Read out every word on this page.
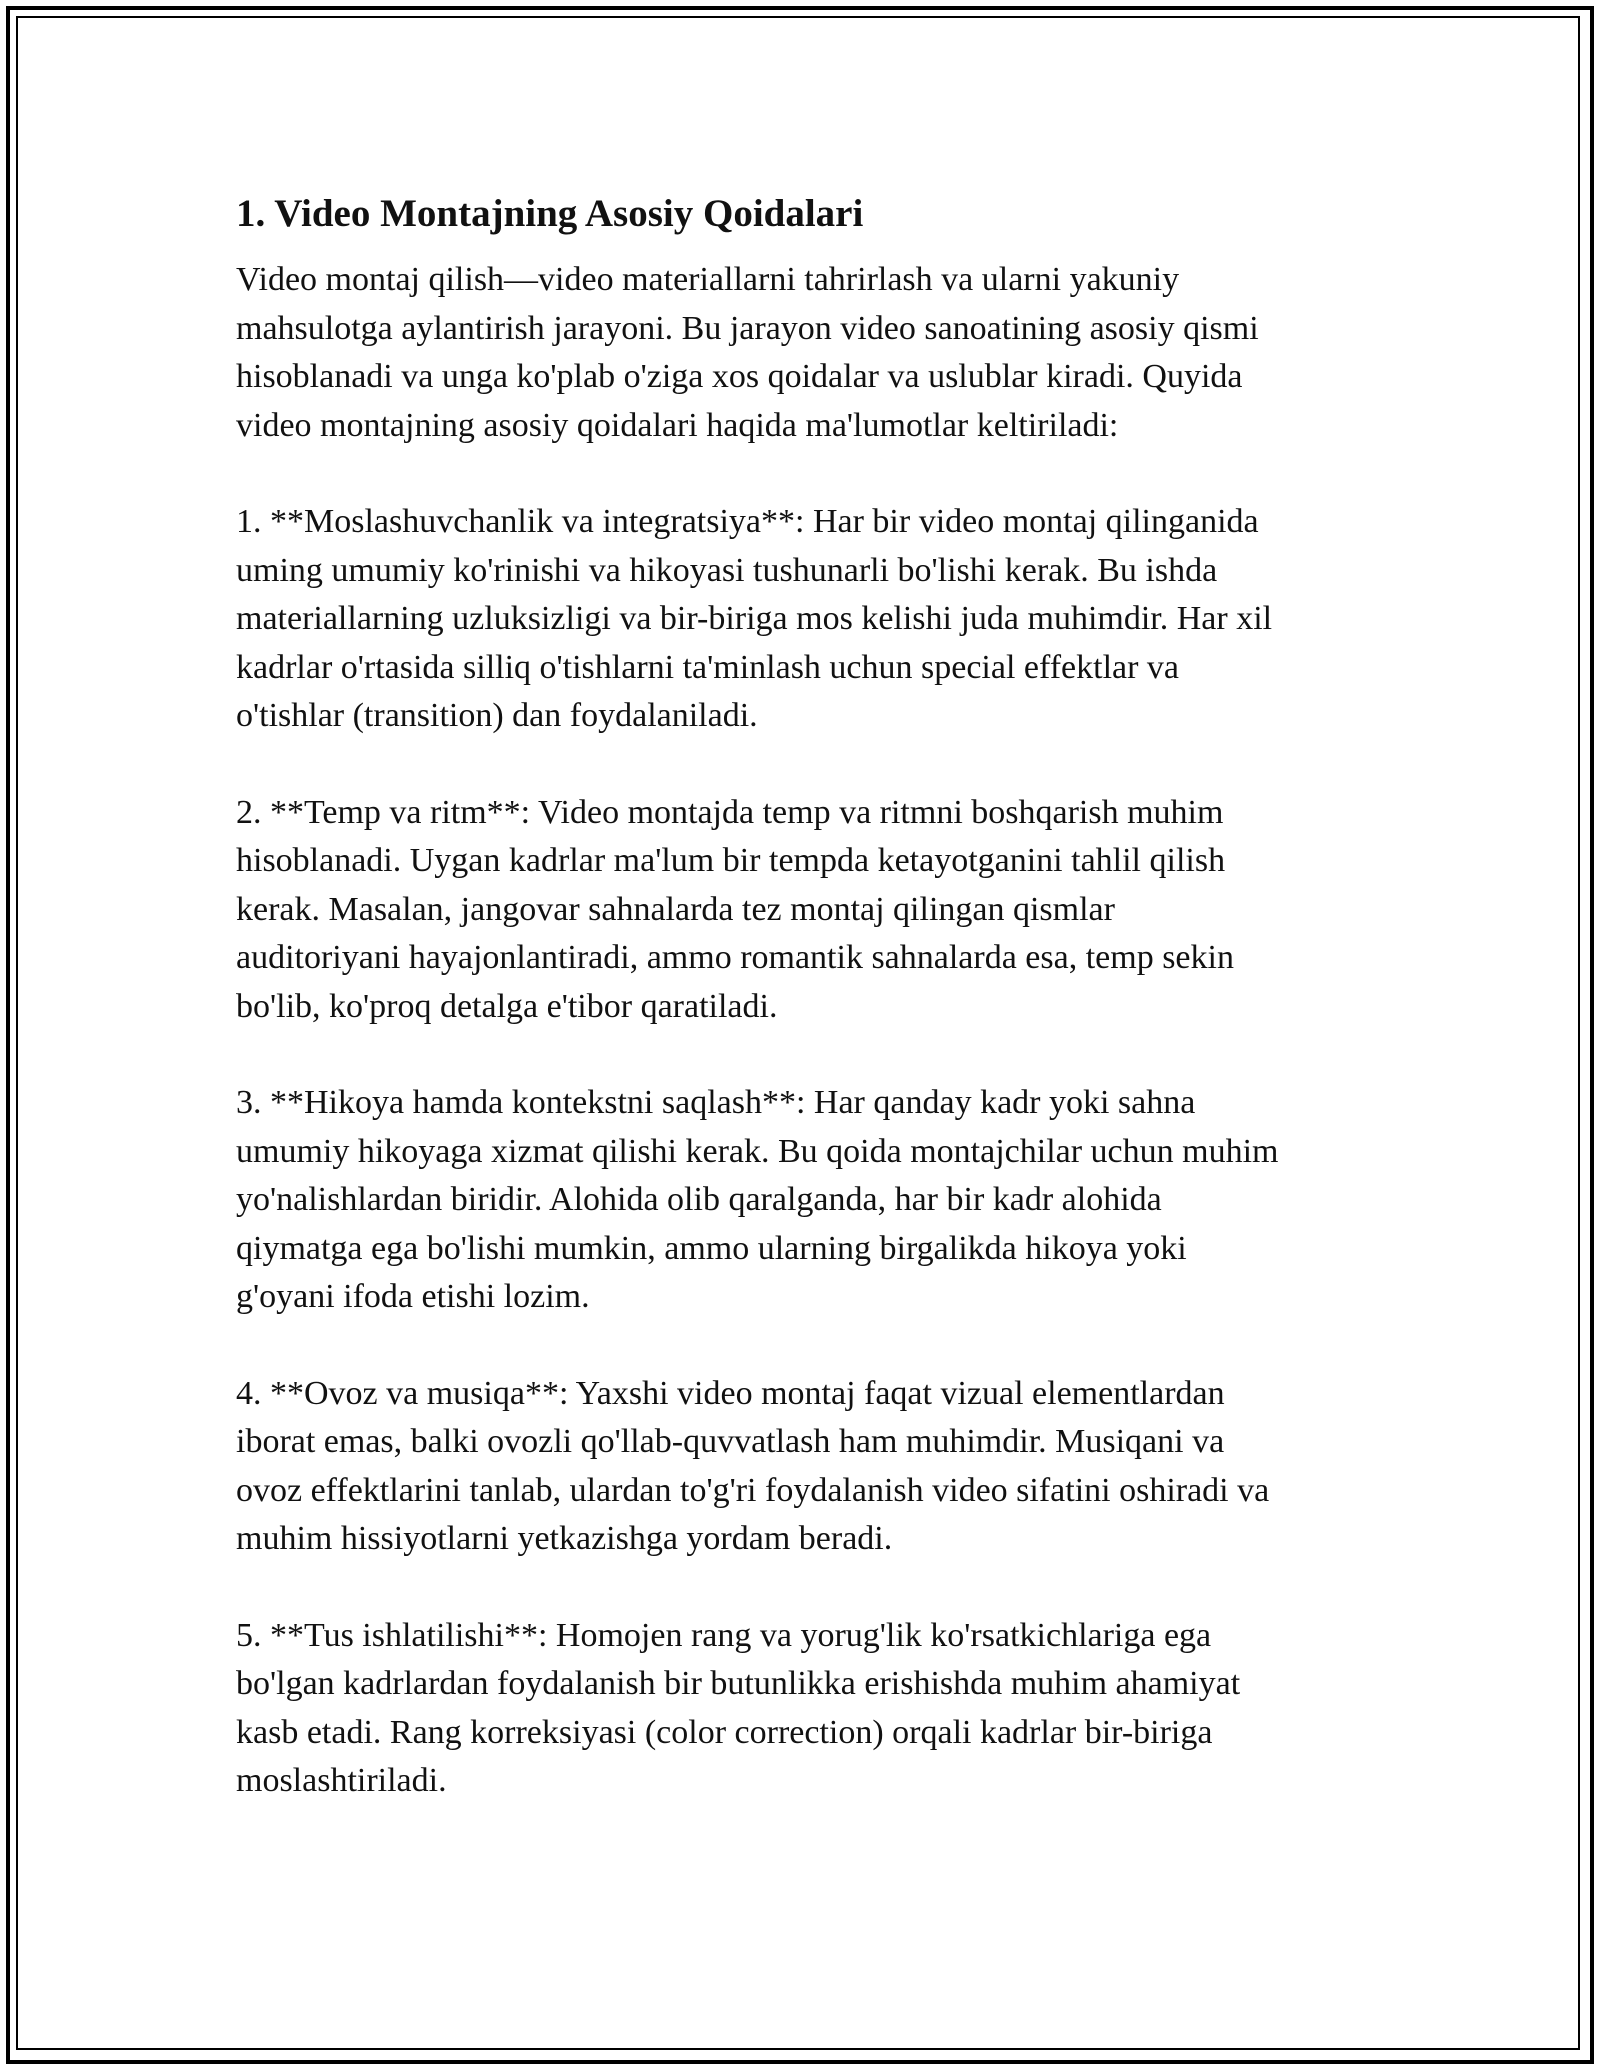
1. Video Montajning Asosiy Qoidalari

Video montaj qilish—video materiallarni tahrirlash va ularni yakuniy
mahsulotga aylantirish jarayoni. Bu jarayon video sanoatining asosiy qismi
hisoblanadi va unga ko'plab o'ziga xos qoidalar va uslublar kiradi. Quyida
video montajning asosiy qoidalari haqida ma'lumotlar keltiriladi:

1. **Moslashuvchanlik va integratsiya**: Har bir video montaj qilinganida
uming umumiy ko'rinishi va hikoyasi tushunarli bo'lishi kerak. Bu ishda
materiallarning uzluksizligi va bir-biriga mos kelishi juda muhimdir. Har xil
kadrlar o'rtasida silliq o'tishlarni ta'minlash uchun special effektlar va
o'tishlar (transition) dan foydalaniladi.

2. **Temp va ritm**: Video montajda temp va ritmni boshqarish muhim
hisoblanadi. Uygan kadrlar ma'lum bir tempda ketayotganini tahlil qilish
kerak. Masalan, jangovar sahnalarda tez montaj qilingan qismlar
auditoriyani hayajonlantiradi, ammo romantik sahnalarda esa, temp sekin
bo'lib, ko'proq detalga e'tibor qaratiladi.

3. **Hikoya hamda kontekstni saqlash**: Har qanday kadr yoki sahna
umumiy hikoyaga xizmat qilishi kerak. Bu qoida montajchilar uchun muhim
yo'nalishlardan biridir. Alohida olib qaralganda, har bir kadr alohida
qiymatga ega bo'lishi mumkin, ammo ularning birgalikda hikoya yoki
g'oyani ifoda etishi lozim.

4. **Ovoz va musiqa**: Yaxshi video montaj faqat vizual elementlardan
iborat emas, balki ovozli qo'llab-quvvatlash ham muhimdir. Musiqani va
ovoz effektlarini tanlab, ulardan to'g'ri foydalanish video sifatini oshiradi va
muhim hissiyotlarni yetkazishga yordam beradi.

5. **Tus ishlatilishi**: Homojen rang va yorug'lik ko'rsatkichlariga ega
bo'lgan kadrlardan foydalanish bir butunlikka erishishda muhim ahamiyat
kasb etadi. Rang korreksiyasi (color correction) orqali kadrlar bir-biriga
moslashtiriladi.
